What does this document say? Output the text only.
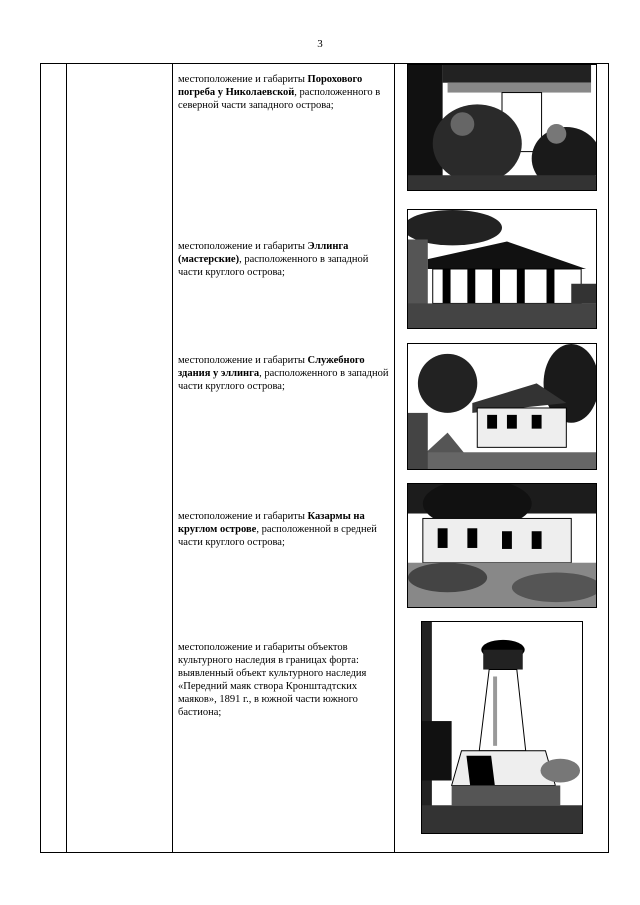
3
местоположение и габариты Порохового погреба у Николаевской, расположенного в северной части западного острова;
местоположение и габариты Эллинга (мастерские), расположенного в западной части круглого острова;
местоположение и габариты Служебного здания у эллинга, расположенного в западной части круглого острова;
местоположение и габариты Казармы на круглом острове, расположенной в средней части круглого острова;
местоположение и габариты объектов культурного наследия в границах форта: выявленный объект культурного наследия «Передний маяк створа Кронштадтских маяков», 1891 г., в южной части южного бастиона;
